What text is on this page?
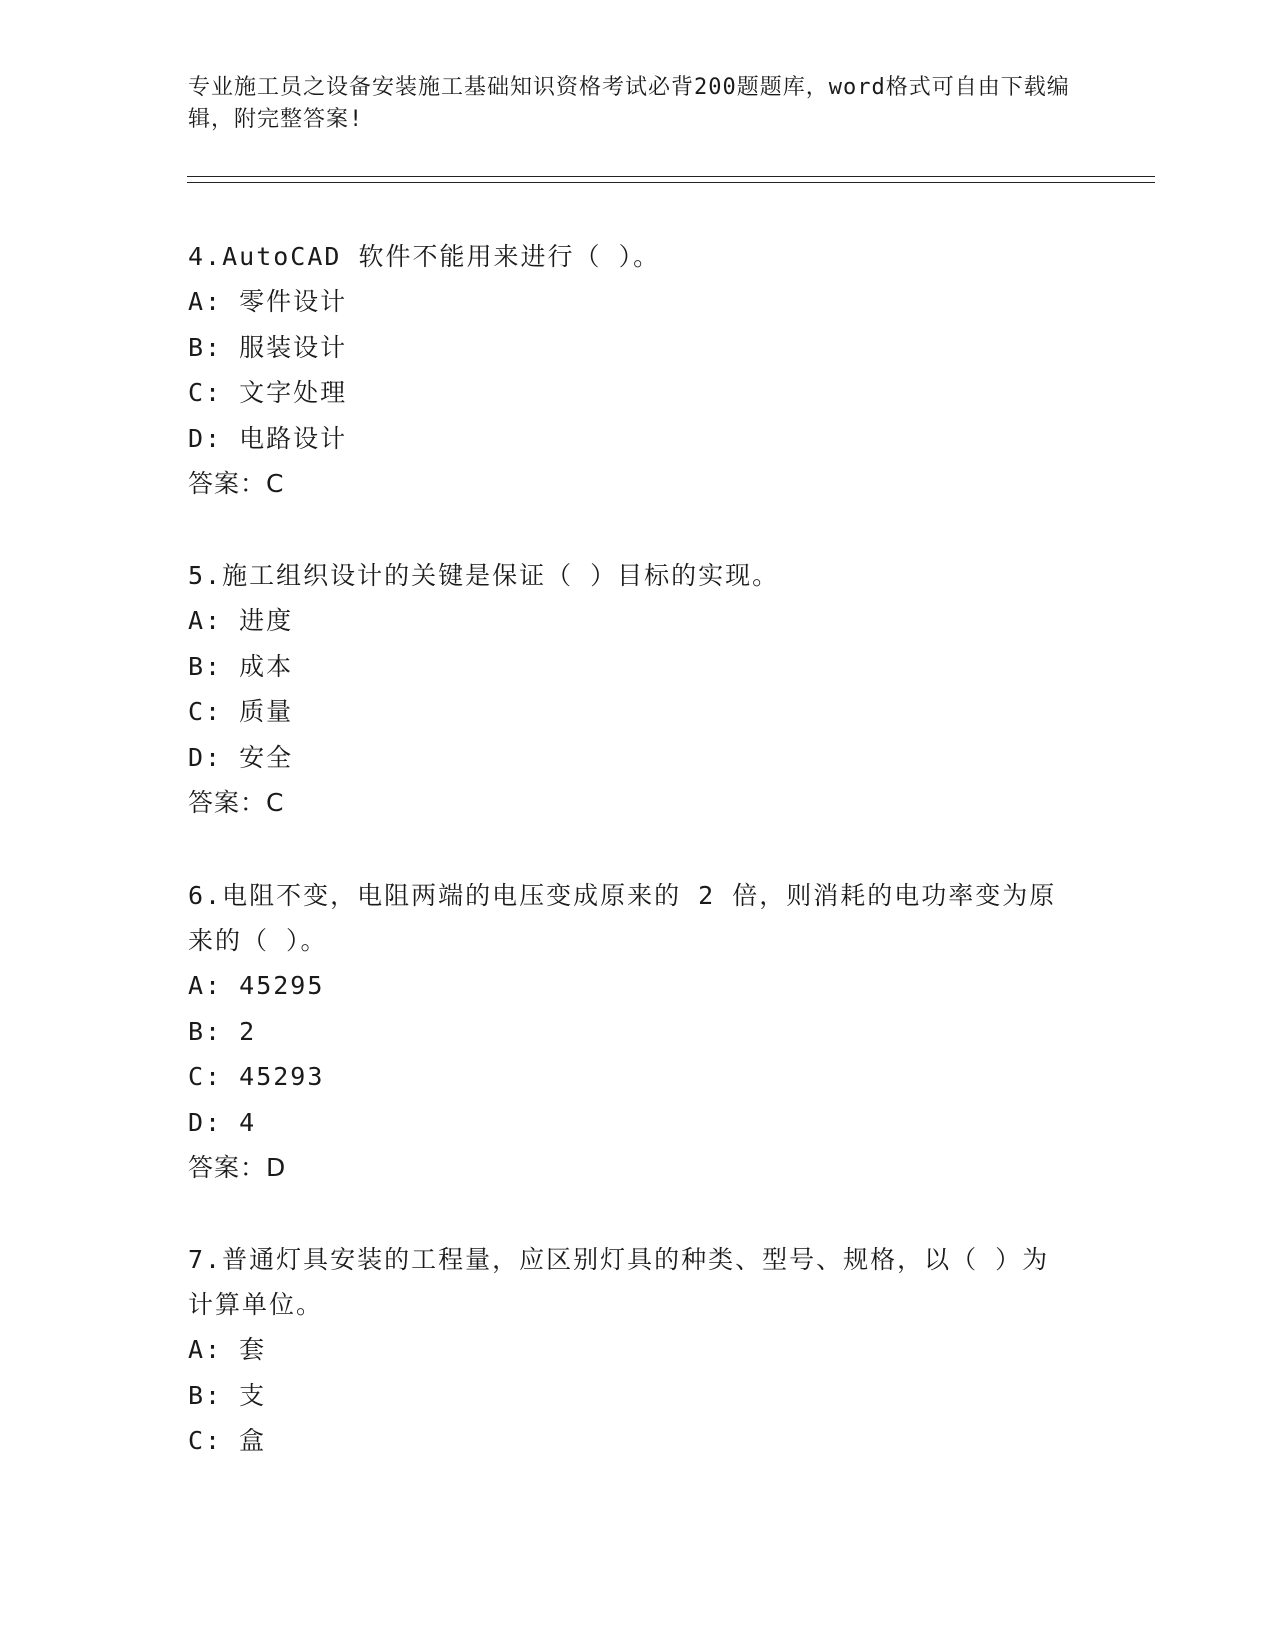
专业施工员之设备安装施工基础知识资格考试必背200题题库，word格式可自由下载编辑，附完整答案!
4.AutoCAD 软件不能用来进行（ ）。
A: 零件设计
B: 服装设计
C: 文字处理
D: 电路设计
答案：C
5.施工组织设计的关键是保证（ ）目标的实现。
A: 进度
B: 成本
C: 质量
D: 安全
答案：C
6.电阻不变，电阻两端的电压变成原来的 2 倍，则消耗的电功率变为原来的（ ）。
A: 45295
B: 2
C: 45293
D: 4
答案：D
7.普通灯具安装的工程量，应区别灯具的种类、型号、规格，以（ ）为计算单位。
A: 套
B: 支
C: 盒
